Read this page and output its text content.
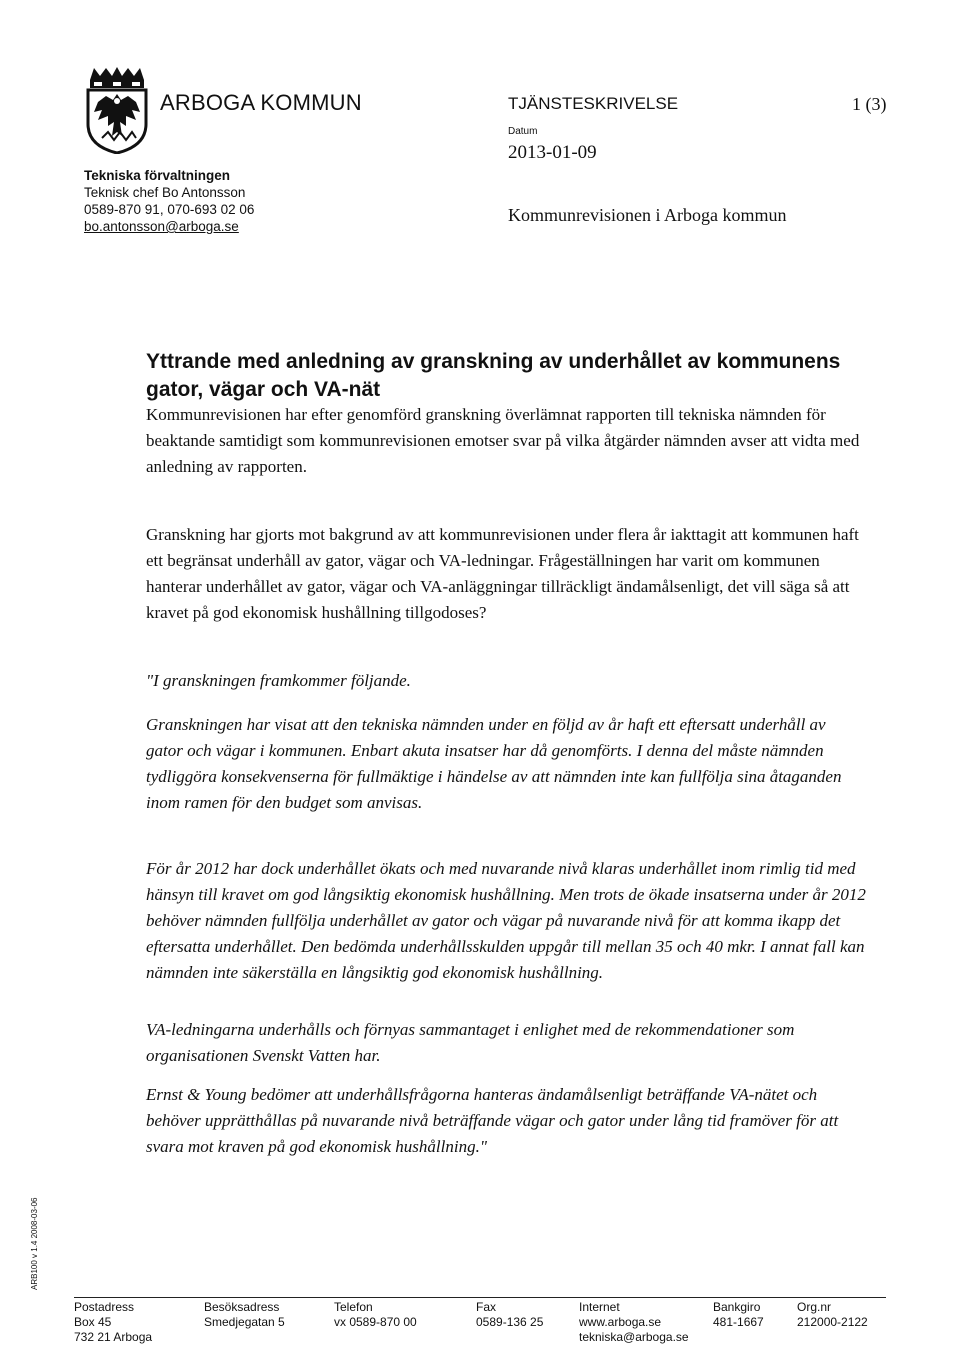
ARBOGA KOMMUN
Tekniska förvaltningen
Teknisk chef Bo Antonsson
0589-870 91, 070-693 02 06
bo.antonsson@arboga.se
TJÄNSTESKRIVELSE	1 (3)
Datum
2013-01-09
Kommunrevisionen i Arboga kommun
Yttrande med anledning av granskning av underhållet av kommunens gator, vägar och VA-nät
Kommunrevisionen har efter genomförd granskning överlämnat rapporten till tekniska nämnden för beaktande samtidigt som kommunrevisionen emotser svar på vilka åtgärder nämnden avser att vidta med anledning av rapporten.
Granskning har gjorts mot bakgrund av att kommunrevisionen under flera år iakttagit att kommunen haft ett begränsat underhåll av gator, vägar och VA-ledningar. Frågeställningen har varit om kommunen hanterar underhållet av gator, vägar och VA-anläggningar tillräckligt ändamålsenligt, det vill säga så att kravet på god ekonomisk hushållning tillgodoses?
"I granskningen framkommer följande.
Granskningen har visat att den tekniska nämnden under en följd av år haft ett eftersatt underhåll av gator och vägar i kommunen. Enbart akuta insatser har då genomförts. I denna del måste nämnden tydliggöra konsekvenserna för fullmäktige i händelse av att nämnden inte kan fullfölja sina åtaganden inom ramen för den budget som anvisas.
För år 2012 har dock underhållet ökats och med nuvarande nivå klaras underhållet inom rimlig tid med hänsyn till kravet om god långsiktig ekonomisk hushållning. Men trots de ökade insatserna under år 2012 behöver nämnden fullfölja underhållet av gator och vägar på nuvarande nivå för att komma ikapp det eftersatta underhållet. Den bedömda underhållsskulden uppgår till mellan 35 och 40 mkr. I annat fall kan nämnden inte säkerställa en långsiktig god ekonomisk hushållning.
VA-ledningarna underhålls och förnyas sammantaget i enlighet med de rekommendationer som organisationen Svenskt Vatten har.
Ernst & Young bedömer att underhållsfrågorna hanteras ändamålsenligt beträffande VA-nätet och behöver upprätthållas på nuvarande nivå beträffande vägar och gator under lång tid framöver för att svara mot kraven på god ekonomisk hushållning."
ARB100 v 1.4 2008-03-06
Postadress
Box 45
732 21 Arboga
Besöksadress
Smedjegatan 5
Telefon
vx 0589-870 00
Fax
0589-136 25
Internet
www.arboga.se
tekniska@arboga.se
Bankgiro
481-1667
Org.nr
212000-2122
